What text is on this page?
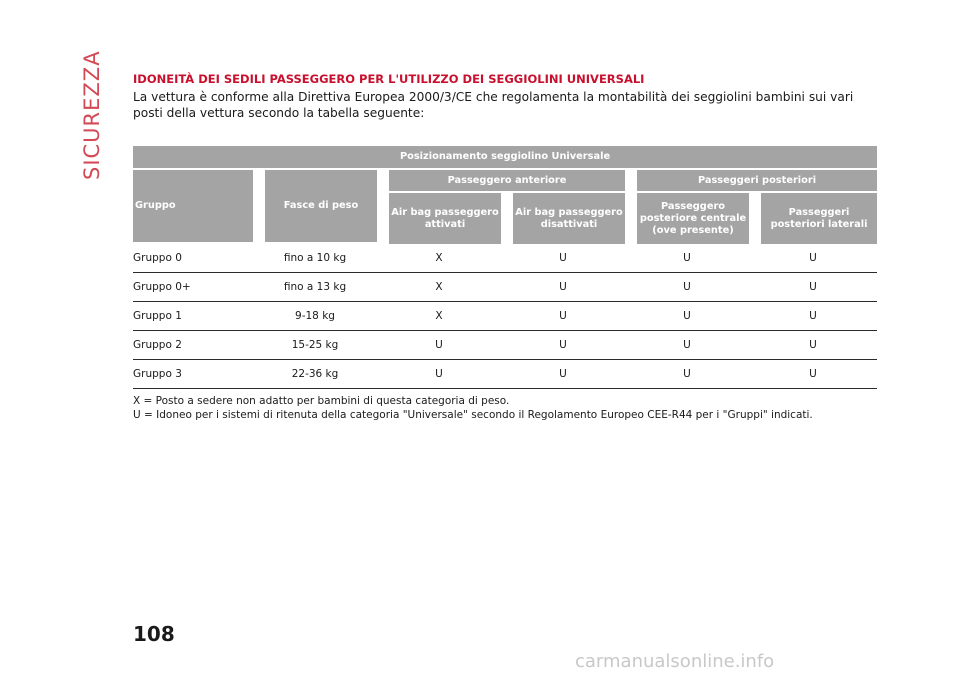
SICUREZZA	IDONEITÀ DEI SEDILI PASSEGGERO PER L'UTILIZZO DEI SEGGIOLINI UNIVERSALI
La vettura è conforme alla Direttiva Europea 2000/3/CE che regolamenta la montabilità dei seggiolini bambini sui vari posti della vettura secondo la tabella seguente:
Posizionamento seggiolino Universale					
Gruppo	Fasce di peso	Passeggero anteriore		Passeggeri posteriori	
		Air bag passeggero attivati	Air bag passeggero disattivati	Passeggero posteriore centrale (ove presente)	Passeggeri posteriori laterali
Gruppo 0	fino a 10 kg	X	U	U	U
Gruppo 0+	fino a 13 kg	X	U	U	U
Gruppo 1	9-18 kg	X	U	U	U
Gruppo 2	15-25 kg	U	U	U	U
Gruppo 3	22-36 kg	U	U	U	U
X = Posto a sedere non adatto per bambini di questa categoria di peso.
U = Idoneo per i sistemi di ritenuta della categoria "Universale" secondo il Regolamento Europeo CEE-R44 per i "Gruppi" indicati.
108
carmanualsonline.info
